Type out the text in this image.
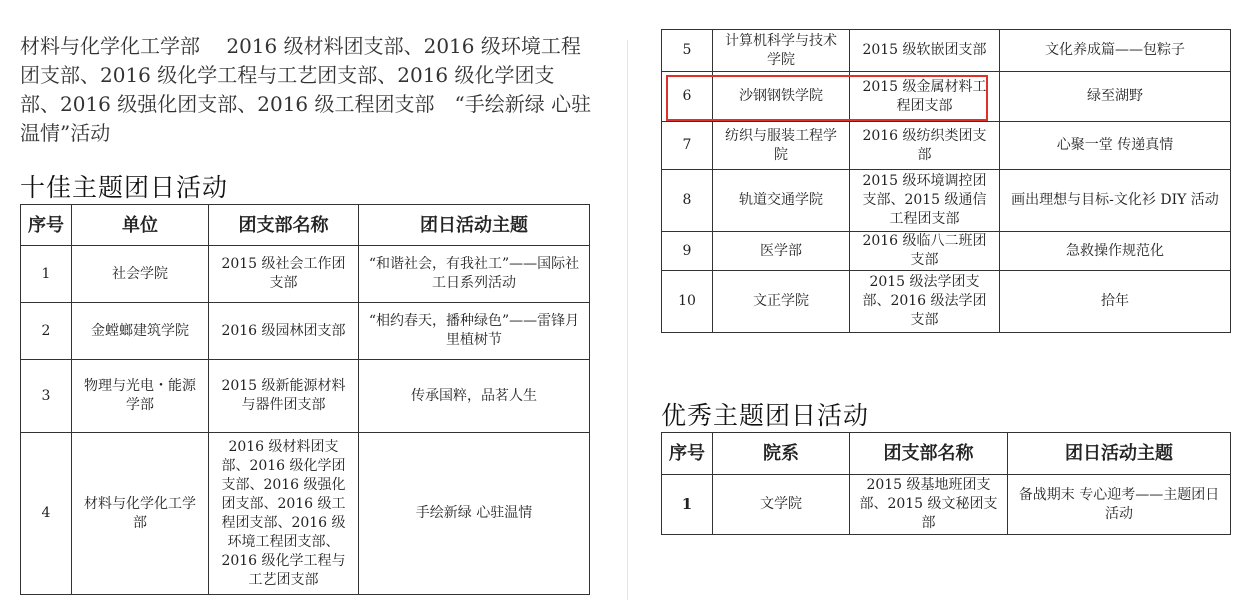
材料与化学化工学部　 2016 级材料团支部、2016 级环境工程团支部、2016 级化学工程与工艺团支部、2016 级化学团支部、2016 级强化团支部、2016 级工程团支部　“手绘新绿 心驻温情”活动

十佳主题团日活动
序号	单位	团支部名称	团日活动主题
1	社会学院	2015 级社会工作团支部	“和谐社会，有我社工”——国际社工日系列活动
2	金螳螂建筑学院	2016 级园林团支部	“相约春天，播种绿色”——雷锋月里植树节
3	物理与光电・能源学部	2015 级新能源材料与器件团支部	传承国粹，品茗人生
4	材料与化学化工学部	2016 级材料团支部、2016 级化学团支部、2016 级强化团支部、2016 级工程团支部、2016 级环境工程团支部、2016 级化学工程与工艺团支部	手绘新绿 心驻温情
5	计算机科学与技术学院	2015 级软嵌团支部	文化养成篇——包粽子
6	沙钢钢铁学院	2015 级金属材料工程团支部	绿至湖野
7	纺织与服装工程学院	2016 级纺织类团支部	心聚一堂 传递真情
8	轨道交通学院	2015 级环境调控团支部、2015 级通信工程团支部	画出理想与目标-文化衫 DIY 活动
9	医学部	2016 级临八二班团支部	急救操作规范化
10	文正学院	2015 级法学团支部、2016 级法学团支部	拾年
优秀主题团日活动
序号	院系	团支部名称	团日活动主题
1	文学院	2015 级基地班团支部、2015 级文秘团支部	备战期末 专心迎考——主题团日活动
